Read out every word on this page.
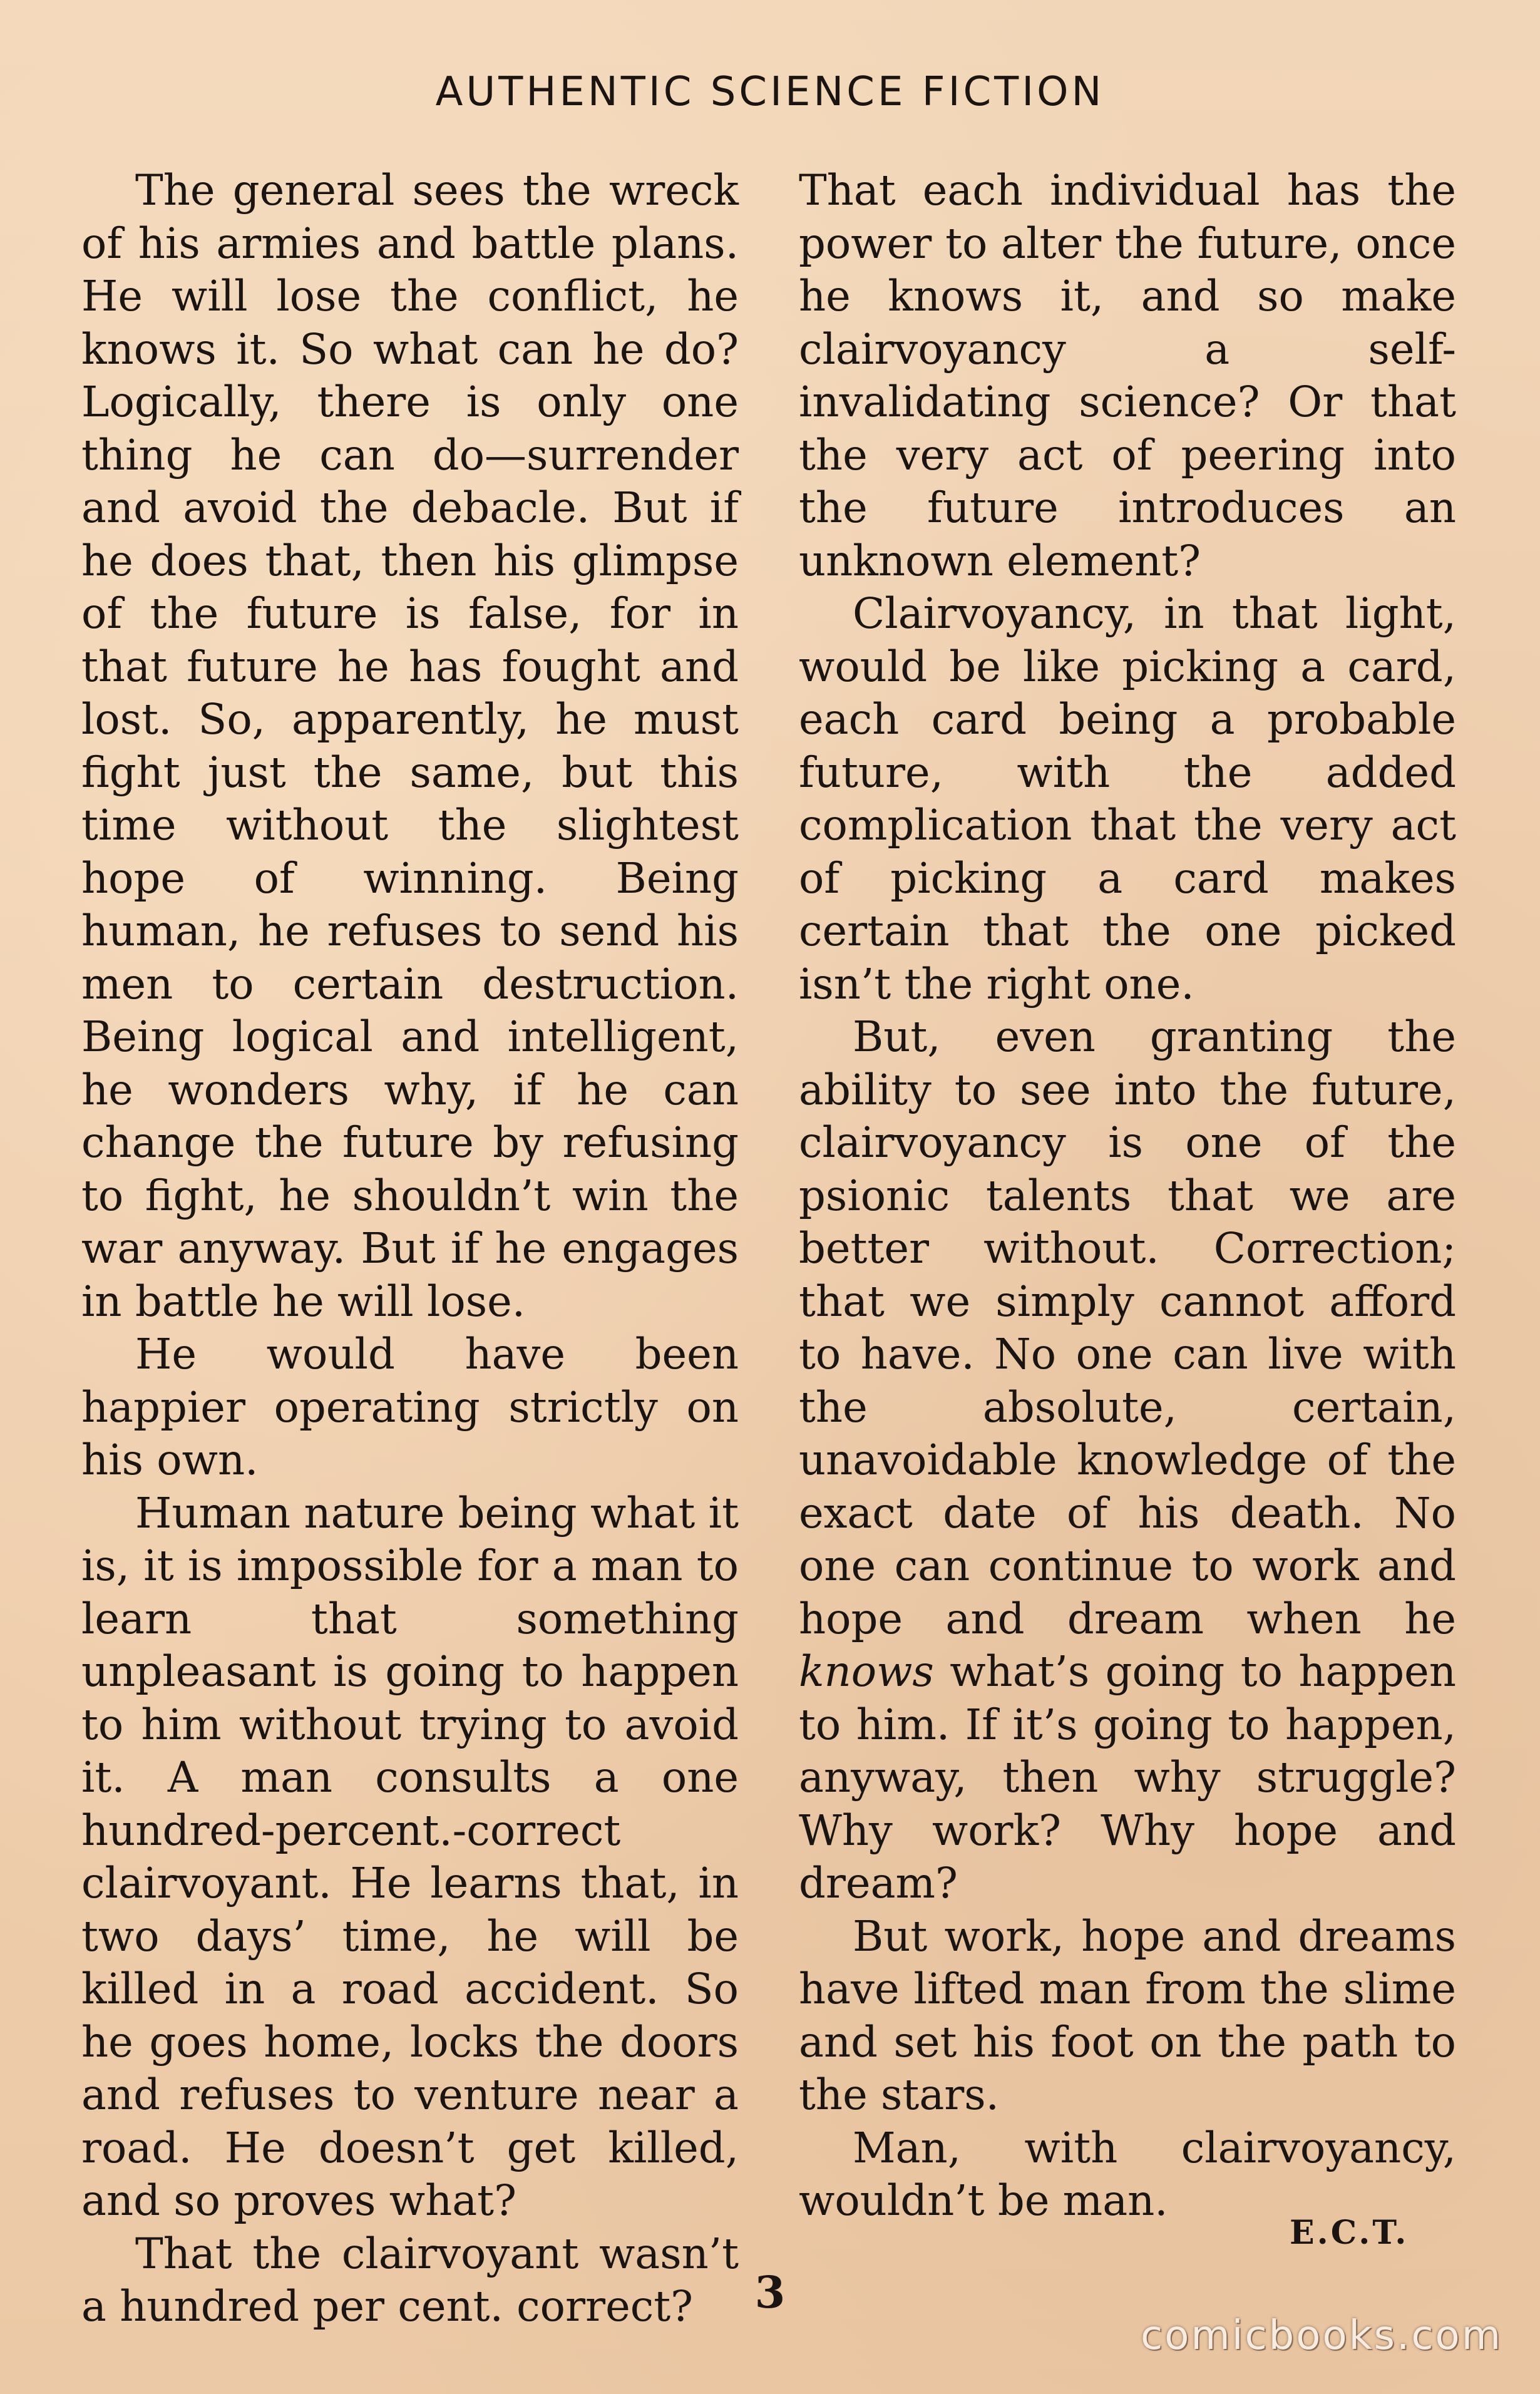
AUTHENTIC SCIENCE FICTION

The general sees the wreck of his armies and battle plans. He will lose the conflict, he knows it. So what can he do? Logically, there is only one thing he can do—surrender and avoid the debacle. But if he does that, then his glimpse of the future is false, for in that future he has fought and lost. So, apparently, he must fight just the same, but this time without the slightest hope of winning. Being human, he refuses to send his men to certain destruction. Being logical and intelligent, he wonders why, if he can change the future by refusing to fight, he shouldn’t win the war anyway. But if he engages in battle he will lose.

He would have been happier operating strictly on his own.

Human nature being what it is, it is impossible for a man to learn that something unpleasant is going to happen to him without trying to avoid it. A man consults a one hundred-percent.-correct clairvoyant. He learns that, in two days’ time, he will be killed in a road accident. So he goes home, locks the doors and refuses to venture near a road. He doesn’t get killed, and so proves what?

That the clairvoyant wasn’t a hundred per cent. correct?

That each individual has the power to alter the future, once he knows it, and so make clairvoyancy a self-invalidating science? Or that the very act of peering into the future introduces an unknown element?

Clairvoyancy, in that light, would be like picking a card, each card being a probable future, with the added complication that the very act of picking a card makes certain that the one picked isn’t the right one.

But, even granting the ability to see into the future, clairvoyancy is one of the psionic talents that we are better without. Correction; that we simply cannot afford to have. No one can live with the absolute, certain, unavoidable knowledge of the exact date of his death. No one can continue to work and hope and dream when he knows what’s going to happen to him. If it’s going to happen, anyway, then why struggle? Why work? Why hope and dream?

But work, hope and dreams have lifted man from the slime and set his foot on the path to the stars.

Man, with clairvoyancy, wouldn’t be man.

E.C.T.
3
comicbooks.com
